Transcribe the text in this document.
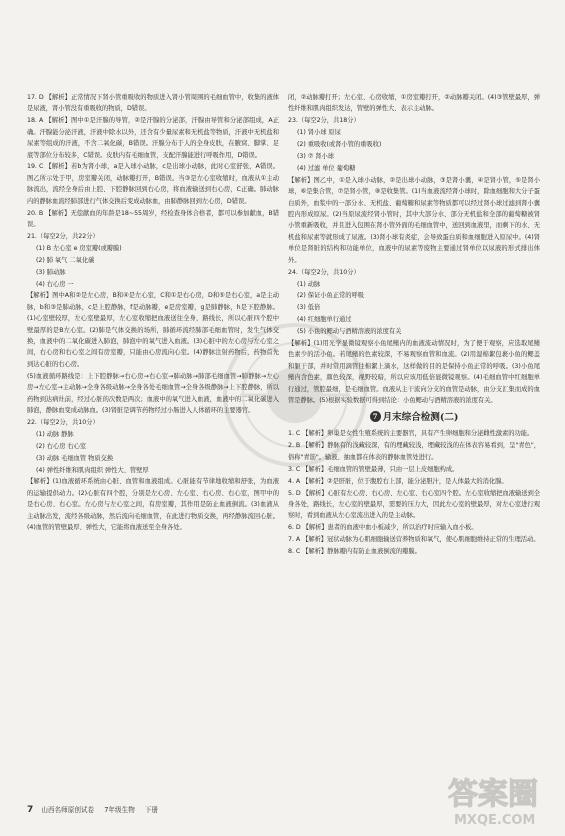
17. D 【解析】正常情况下肾小管重吸收的物质进入肾小管周围的毛细血管中，收集的液体是尿液，肾小管没有重吸收的物质，D错误。

18. A 【解析】图中①是汗腺的导管，②是汗腺的分泌部，汗腺由导管和分泌部组成，A正确。汗腺能分泌汗液，汗液中除水以外，还含有少量尿素和无机盐等物质，汗液中无机盐和尿素等组成的汗液，不含二氧化碳，B错误。汗腺分布于人的全身皮肤，在腋窝、脚掌、足底等部位分布较多，C错误。皮肤内有毛细血管，支配汗腺能进行呼吸作用，D错误。

19. C 【解析】若b为肾小球，a是入球小动脉，c是出球小动脉，此时心室舒张，A错误。图乙所示处于甲，房室瓣关闭，动脉瓣打开，B错误。当③是左心室收缩时，血液从①主动脉流出，流经全身后由上腔、下腔静脉回到右心房，将血液输送到右心房，C正确。肺动脉内的静脉血流经肺部进行气体交换后变成动脉血，由肺静脉回到左心房，D错误。

20. B 【解析】无偿献血的年龄是18~55周岁，经检查身体合格者，都可以参加献血，B错误。

21.（每空2分，共22分）

(1) B 左心室 e 房室瓣(或瓣膜)

(2) 肺 氧气 二氧化碳

(3) 肺动脉

(4) 右心房 一

【解析】图中A和②是左心房，B和④是左心室，C和①是右心房，D和⑤是右心室，a是主动脉，b和③是肺动脉，c是上腔静脉，f是动脉瓣，e是房室瓣，g是肺静脉，h是下腔静脉。(1)心室壁较厚，左心室壁最厚，左心室收缩把血液送往全身，路线长，所以心脏四个腔中壁最厚的是B左心室。(2)肺是气体交换的场所，肺循环流经肺部毛细血管时，发生气体交换，血液中的二氧化碳进入肺泡，肺泡中的氧气进入血液。(3)心脏中的左心房与左心室之间，右心房和右心室之间有房室瓣，只能由心房流向心室。(4)静脉注射药物后，药物首先到达心脏的右心房。

(5)血液循环路线是：上下腔静脉→右心房→右心室→肺动脉→肺部毛细血管→肺静脉→左心房→左心室→主动脉→全身各级动脉→全身各处毛细血管→全身各级静脉→上下腔静脉，所以药物到达病灶前，经过心脏的次数是两次；血液中的氧气进入血液，血液中的二氧化碳进入肺泡，静脉血变成动脉血。(3)肾脏是调节药物经过小肠进入人体循环的主要器官。

22.（每空2分，共10分）

(1) 动脉 静脉

(2) 右心房 右心室

(3) 动脉 毛细血管 物质交换

(4) 弹性纤维和肌肉组织 弹性大、管壁厚

【解析】(1)血液循环系统由心脏、血管和血液组成。心脏能有节律地收缩和舒张，为血液的运输提供动力。(2)心脏有四个腔，分别是左心房、左心室、右心房、右心室，图甲中的是右心房、右心室。左心房与左心室之间，有房室瓣，其作用是防止血液倒流。(3)血液从主动脉出发，流经各级动脉，然后流向毛细血管，在此进行物质交换，再经静脉流回心脏。(4)血管的管壁最厚、弹性大，它能将血液送至全身各处。

闭，②动脉瓣打开；左心室、心房收缩，①房室瓣打开，②动脉瓣关闭。(4)③管壁最厚，弹性纤维和肌肉组织发达，管壁的弹性大、表示主动脉。

23.（每空2分，共18分）

(1) 肾小球 原尿

(2) 重吸收(或肾小管的重吸收)

(3) ⑦ 肾小球

(4) 过滤 单位 葡萄糖

【解析】图乙中，①是入球小动脉，②是出球小动脉，③是肾小囊，④是肾小管，⑤是肾小球，⑥是集合管，⑦是肾小管，⑧是收集管。(1)当血液流经肾小球时，除血细胞和大分子蛋白质外，血浆中的一部分水、无机盐、葡萄糖和尿素等物质都可以经过肾小球过滤到肾小囊腔内形成原尿。(2)当原尿流经肾小管时，其中大部分水、部分无机盐和全部的葡萄糖被肾小管重新吸收，并且进入包围在肾小管外面的毛细血管中，送回到血液里，而剩下的水、无机盐和尿素等就形成了尿液。(3)肾小球有炎症，会导致蛋白质和血细胞进入原尿中。(4)肾单位是肾脏的结构和功能单位，血液中的尿素等废物主要通过肾单位以尿液的形式排出体外。

24.（每空2分，共10分）

(1) 动脉

(2) 保证小鱼正常的呼吸

(3) 低倍

(4) 红细胞单行通过

(5) 小鱼的鳃动与酒精溶液的浓度有关

【解析】(1)用光学显微镜观察小鱼尾鳍内的血液流动情况时，为了便于观察，应选取尾鳍色素少的活小鱼。若尾鳍的色素较深，不易观察血管和血流。(2)用湿棉絮包裹小鱼的鳃盖和躯干部，并时常用滴管往棉絮上滴水，这样做的目的是保持小鱼正常的呼吸。(3)小鱼尾鳍内含色素，颜色较深，视野较暗，所以应该用低倍显微镜观察。(4)毛细血管中红细胞单行通过，管腔最细，是毛细血管。血液从主干流向分支的血管是动脉，由分支汇集而成的血管是静脉。(5)根据实验数据可得到结论：小鱼鳃动与酒精溶液的浓度有关。

7 月末综合检测(二)

1. C 【解析】卵巢是女性生殖系统的主要器官，具有产生卵细胞和分泌雌性激素的功能。

2. B 【解析】静脉有的浅藏较深，有的埋藏较浅，埋藏较浅的在体表容易看到，呈"青色"，俗称"青筋"。输液、抽血都在体表的静脉血管处进行。

3. C 【解析】毛细血管的管壁最薄，只由一层上皮细胞构成。

4. A 【解析】②是肝脏，位于腹腔右上部，能分泌胆汁，是人体最大的消化腺。

5. D 【解析】心脏有左心房、右心房、左心室、右心室四个腔。左心室收缩把血液输送到全身各处，路线长，左心室的壁最厚，需要的压力大，因此左心室的壁最厚，对左心室进行观察时，看到血液从左心室流出进入的是主动脉。

6. D 【解析】患者的血液中血小板减少，所以治疗时应输入血小板。

7. A 【解析】冠状动脉为心肌细胞输送营养物质和氧气，使心肌细胞维持正常的生理活动。

8. C 【解析】静脉瓣内有防止血液倒流的瓣膜。

7 山西名师原创试卷 7年级生物 下册	答案圈
MXQE.COM
